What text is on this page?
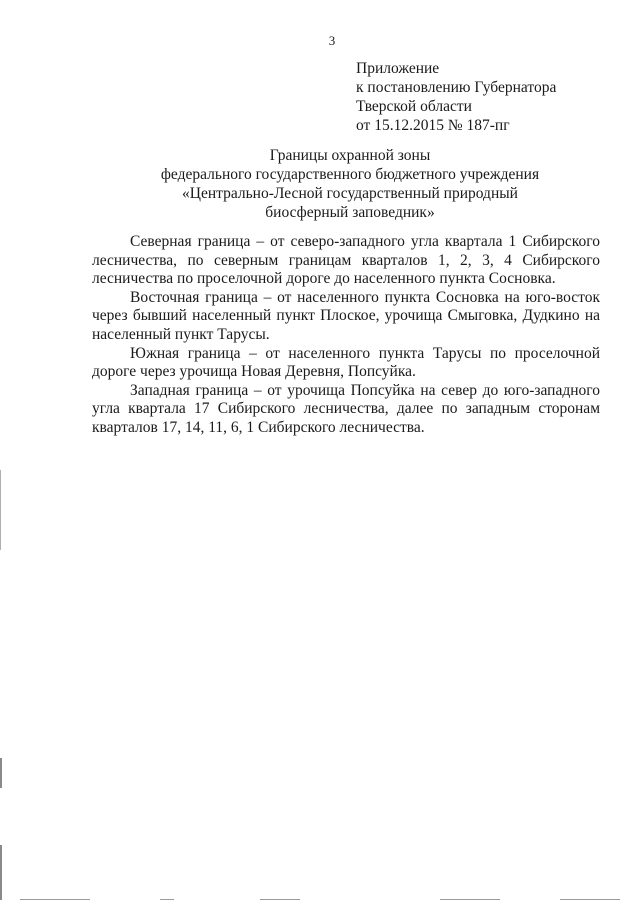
3
Приложение
к постановлению Губернатора
Тверской области
от 15.12.2015 № 187-пг
Границы охранной зоны
федерального государственного бюджетного учреждения
«Центрально-Лесной государственный природный
биосферный заповедник»

Северная граница – от северо-западного угла квартала 1 Сибирского лесничества, по северным границам кварталов 1, 2, 3, 4 Сибирского лесничества по проселочной дороге до населенного пункта Сосновка.

Восточная граница – от населенного пункта Сосновка на юго-восток через бывший населенный пункт Плоское, урочища Смыговка, Дудкино на населенный пункт Тарусы.

Южная граница – от населенного пункта Тарусы по проселочной дороге через урочища Новая Деревня, Попсуйка.

Западная граница – от урочища Попсуйка на север до юго-западного угла квартала 17 Сибирского лесничества, далее по западным сторонам кварталов 17, 14, 11, 6, 1 Сибирского лесничества.
